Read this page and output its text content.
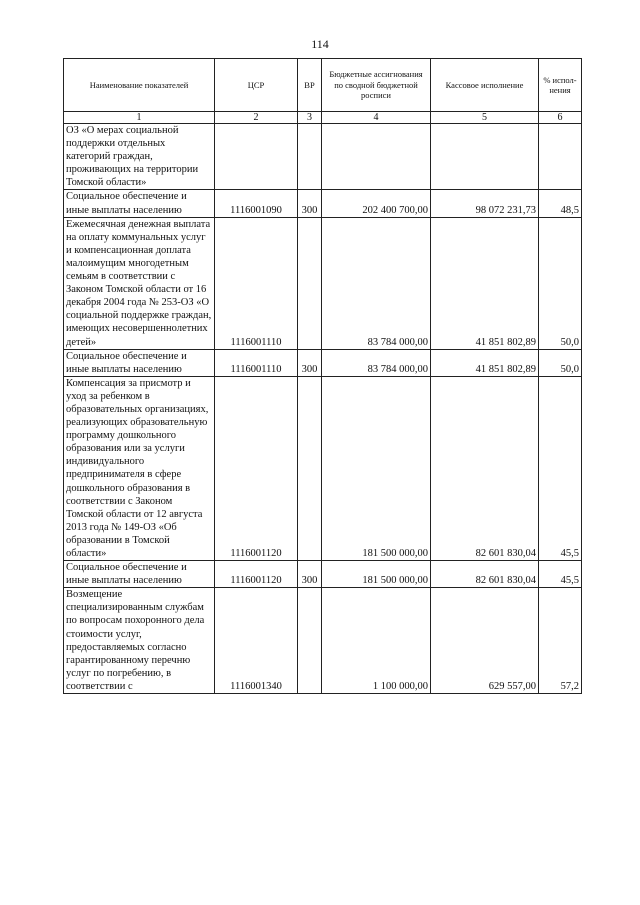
114
Наименование показателей	ЦСР	ВР	Бюджетные ассигнования по сводной бюджетной росписи	Кассовое исполнение	% испол-нения
1	2	3	4	5	6
ОЗ «О мерах социальной поддержки отдельных категорий граждан, проживающих на территории Томской области»					
Социальное обеспечение и иные выплаты населению	1116001090	300	202 400 700,00	98 072 231,73	48,5
Ежемесячная денежная выплата на оплату коммунальных услуг и компенсационная доплата малоимущим многодетным семьям в соответствии с Законом Томской области от 16 декабря 2004 года № 253-ОЗ «О социальной поддержке граждан, имеющих несовершеннолетних детей»	1116001110		83 784 000,00	41 851 802,89	50,0
Социальное обеспечение и иные выплаты населению	1116001110	300	83 784 000,00	41 851 802,89	50,0
Компенсация за присмотр и уход за ребенком в образовательных организациях, реализующих образовательную программу дошкольного образования или за услуги индивидуального предпринимателя в сфере дошкольного образования в соответствии с Законом Томской области от 12 августа 2013 года № 149-ОЗ «Об образовании в Томской области»	1116001120		181 500 000,00	82 601 830,04	45,5
Социальное обеспечение и иные выплаты населению	1116001120	300	181 500 000,00	82 601 830,04	45,5
Возмещение специализированным службам по вопросам похоронного дела стоимости услуг, предоставляемых согласно гарантированному перечню услуг по погребению, в соответствии с	1116001340		1 100 000,00	629 557,00	57,2
